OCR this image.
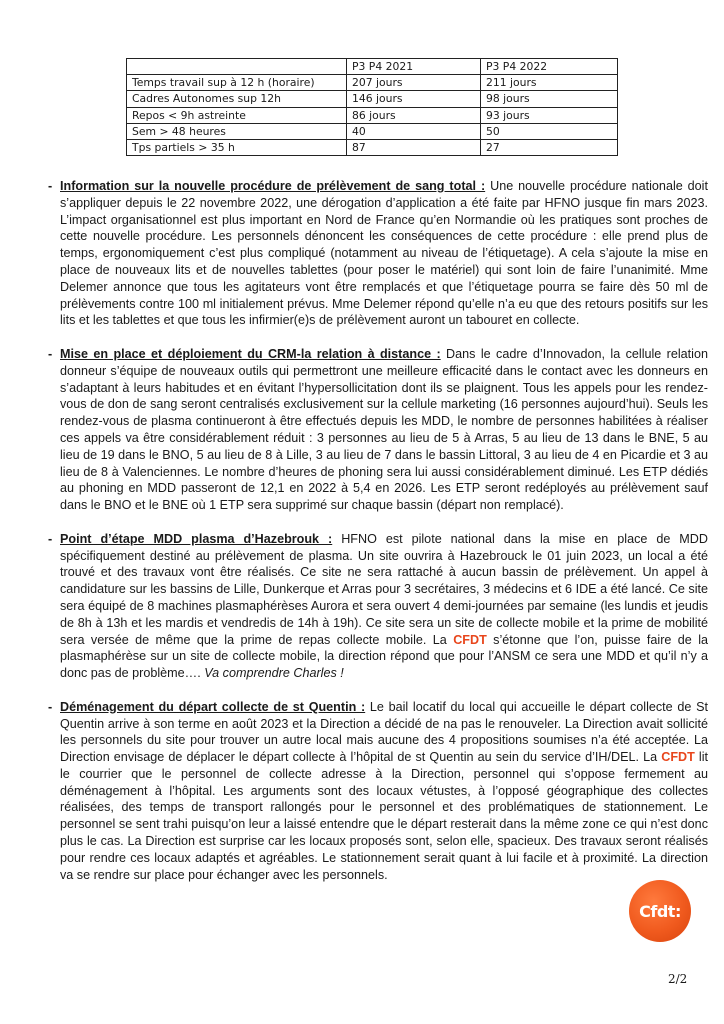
	P3 P4 2021	P3 P4 2022
Temps travail sup à 12 h (horaire)	207 jours	211 jours
Cadres Autonomes sup 12h	146 jours	98 jours
Repos < 9h astreinte	86 jours	93 jours
Sem > 48 heures	40	50
Tps partiels > 35 h	87	27
- Information sur la nouvelle procédure de prélèvement de sang total : Une nouvelle procédure nationale doit s’appliquer depuis le 22 novembre 2022, une dérogation d’application a été faite par HFNO jusque fin mars 2023. L’impact organisationnel est plus important en Nord de France qu’en Normandie où les pratiques sont proches de cette nouvelle procédure. Les personnels dénoncent les conséquences de cette procédure : elle prend plus de temps, ergonomiquement c’est plus compliqué (notamment au niveau de l’étiquetage). A cela s’ajoute la mise en place de nouveaux lits et de nouvelles tablettes (pour poser le matériel) qui sont loin de faire l’unanimité. Mme Delemer annonce que tous les agitateurs vont être remplacés et que l’étiquetage pourra se faire dès 50 ml de prélèvements contre 100 ml initialement prévus. Mme Delemer répond qu’elle n’a eu que des retours positifs sur les lits et les tablettes et que tous les infirmier(e)s de prélèvement auront un tabouret en collecte.
- Mise en place et déploiement du CRM-la relation à distance : Dans le cadre d’Innovadon, la cellule relation donneur s’équipe de nouveaux outils qui permettront une meilleure efficacité dans le contact avec les donneurs en s’adaptant à leurs habitudes et en évitant l’hypersollicitation dont ils se plaignent. Tous les appels pour les rendez-vous de don de sang seront centralisés exclusivement sur la cellule marketing (16 personnes aujourd’hui). Seuls les rendez-vous de plasma continueront à être effectués depuis les MDD, le nombre de personnes habilitées à réaliser ces appels va être considérablement réduit : 3 personnes au lieu de 5 à Arras, 5 au lieu de 13 dans le BNE, 5 au lieu de 19 dans le BNO, 5 au lieu de 8 à Lille, 3 au lieu de 7 dans le bassin Littoral, 3 au lieu de 4 en Picardie et 3 au lieu de 8 à Valenciennes. Le nombre d’heures de phoning sera lui aussi considérablement diminué. Les ETP dédiés au phoning en MDD passeront de 12,1 en 2022 à 5,4 en 2026. Les ETP seront redéployés au prélèvement sauf dans le BNO et le BNE où 1 ETP sera supprimé sur chaque bassin (départ non remplacé).
- Point d’étape MDD plasma d’Hazebrouk : HFNO est pilote national dans la mise en place de MDD spécifiquement destiné au prélèvement de plasma. Un site ouvrira à Hazebrouck le 01 juin 2023, un local a été trouvé et des travaux vont être réalisés. Ce site ne sera rattaché à aucun bassin de prélèvement. Un appel à candidature sur les bassins de Lille, Dunkerque et Arras pour 3 secrétaires, 3 médecins et 6 IDE a été lancé. Ce site sera équipé de 8 machines plasmaphérèses Aurora et sera ouvert 4 demi-journées par semaine (les lundis et jeudis de 8h à 13h et les mardis et vendredis de 14h à 19h). Ce site sera un site de collecte mobile et la prime de mobilité sera versée de même que la prime de repas collecte mobile. La CFDT s’étonne que l’on, puisse faire de la plasmaphérèse sur un site de collecte mobile, la direction répond que pour l’ANSM ce sera une MDD et qu’il n’y a donc pas de problème…. Va comprendre Charles !
- Déménagement du départ collecte de st Quentin : Le bail locatif du local qui accueille le départ collecte de St Quentin arrive à son terme en août 2023 et la Direction a décidé de na pas le renouveler. La Direction avait sollicité les personnels du site pour trouver un autre local mais aucune des 4 propositions soumises n’a été acceptée. La Direction envisage de déplacer le départ collecte à l’hôpital de st Quentin au sein du service d’IH/DEL. La CFDT lit le courrier que le personnel de collecte adresse à la Direction, personnel qui s’oppose fermement au déménagement à l’hôpital. Les arguments sont des locaux vétustes, à l’opposé géographique des collectes réalisées, des temps de transport rallongés pour le personnel et des problématiques de stationnement. Le personnel se sent trahi puisqu’on leur a laissé entendre que le départ resterait dans la même zone ce qui n’est donc plus le cas. La Direction est surprise car les locaux proposés sont, selon elle, spacieux. Des travaux seront réalisés pour rendre ces locaux adaptés et agréables. Le stationnement serait quant à lui facile et à proximité. La direction va se rendre sur place pour échanger avec les personnels.
Cfdt:
2/2
